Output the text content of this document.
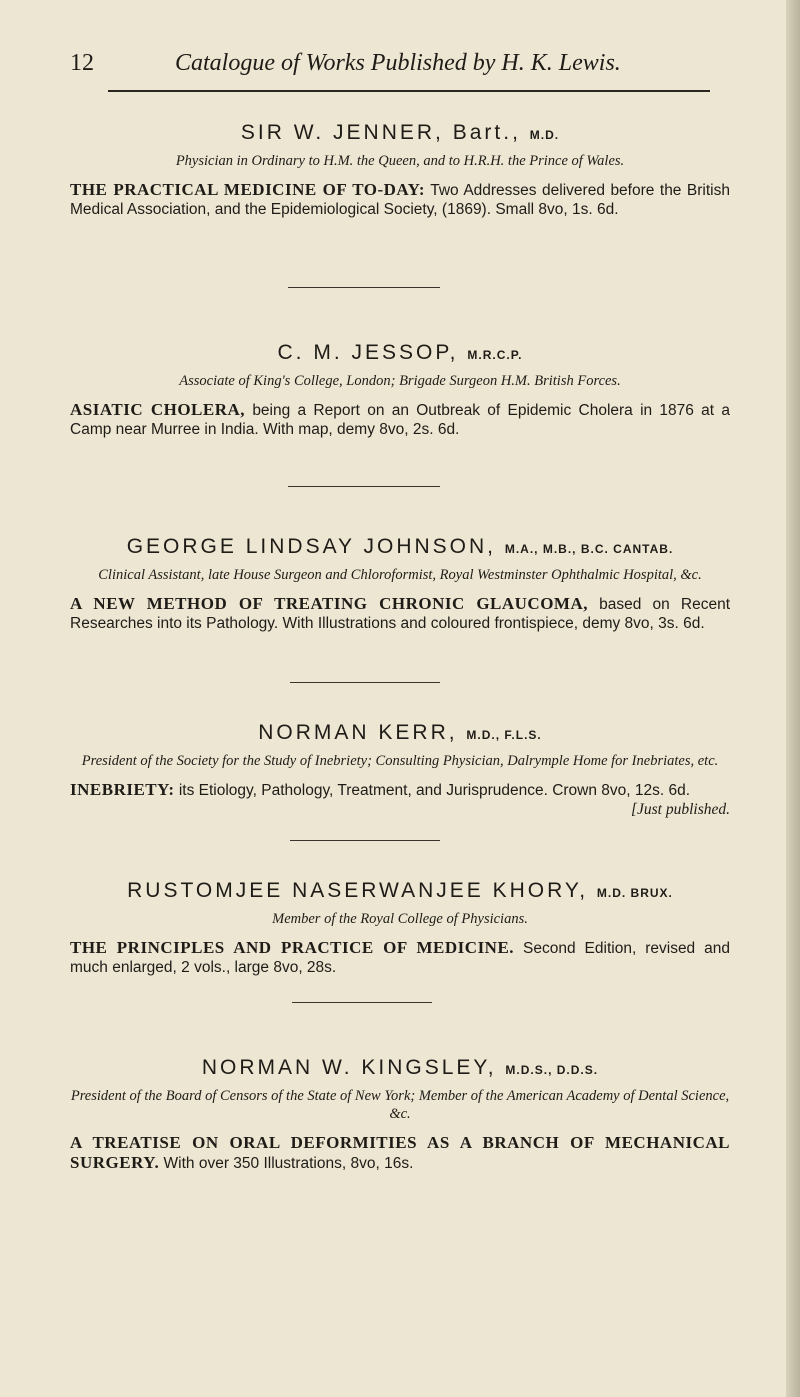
12	Catalogue of Works Published by H. K. Lewis.

SIR W. JENNER, Bart., M.D.

Physician in Ordinary to H.M. the Queen, and to H.R.H. the Prince of Wales.

THE PRACTICAL MEDICINE OF TO-DAY: Two Addresses delivered before the British Medical Association, and the Epidemiological Society, (1869). Small 8vo, 1s. 6d.

C. M. JESSOP, M.R.C.P.

Associate of King's College, London; Brigade Surgeon H.M. British Forces.

ASIATIC CHOLERA, being a Report on an Outbreak of Epidemic Cholera in 1876 at a Camp near Murree in India. With map, demy 8vo, 2s. 6d.

GEORGE LINDSAY JOHNSON, M.A., M.B., B.C. CANTAB.

Clinical Assistant, late House Surgeon and Chloroformist, Royal Westminster Ophthalmic Hospital, &c.

A NEW METHOD OF TREATING CHRONIC GLAUCOMA, based on Recent Researches into its Pathology. With Illustrations and coloured frontispiece, demy 8vo, 3s. 6d.

NORMAN KERR, M.D., F.L.S.

President of the Society for the Study of Inebriety; Consulting Physician, Dalrymple Home for Inebriates, etc.

INEBRIETY: its Etiology, Pathology, Treatment, and Jurisprudence. Crown 8vo, 12s. 6d.
[Just published.

RUSTOMJEE NASERWANJEE KHORY, M.D. BRUX.

Member of the Royal College of Physicians.

THE PRINCIPLES AND PRACTICE OF MEDICINE. Second Edition, revised and much enlarged, 2 vols., large 8vo, 28s.

NORMAN W. KINGSLEY, M.D.S., D.D.S.

President of the Board of Censors of the State of New York; Member of the American Academy of Dental Science, &c.

A TREATISE ON ORAL DEFORMITIES AS A BRANCH OF MECHANICAL SURGERY. With over 350 Illustrations, 8vo, 16s.
